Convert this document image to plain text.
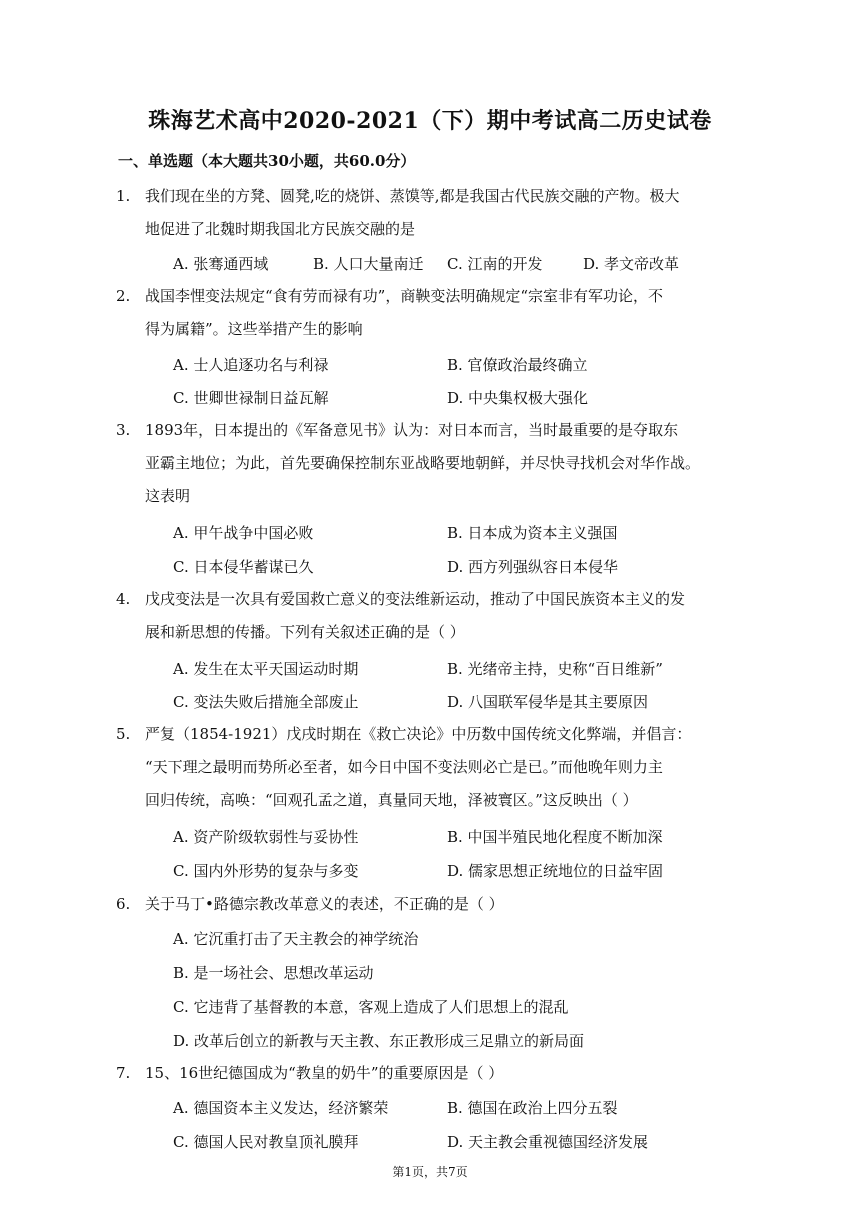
珠海艺术高中2020-2021（下）期中考试高二历史试卷
一、单选题（本大题共30小题，共60.0分）
1. 我们现在坐的方凳、圆凳,吃的烧饼、蒸馍等,都是我国古代民族交融的产物。极大
地促进了北魏时期我国北方民族交融的是
A. 张骞通西域	B. 人口大量南迁 C. 江南的开发	D. 孝文帝改革
2. 战国李悝变法规定“食有劳而禄有功”，商鞅变法明确规定“宗室非有军功论，不
得为属籍”。这些举措产生的影响
A. 士人追逐功名与利禄	B. 官僚政治最终确立
C. 世卿世禄制日益瓦解	D. 中央集权极大强化
3. 1893年，日本提出的《军备意见书》认为：对日本而言，当时最重要的是夺取东
亚霸主地位；为此，首先要确保控制东亚战略要地朝鲜，并尽快寻找机会对华作战。
这表明
A. 甲午战争中国必败	B. 日本成为资本主义强国
C. 日本侵华蓄谋已久	D. 西方列强纵容日本侵华
4. 戊戌变法是一次具有爱国救亡意义的变法维新运动，推动了中国民族资本主义的发
展和新思想的传播。下列有关叙述正确的是（ ）
A. 发生在太平天国运动时期	B. 光绪帝主持，史称“百日维新”
C. 变法失败后措施全部废止	D. 八国联军侵华是其主要原因
5. 严复（1854-1921）戊戌时期在《救亡决论》中历数中国传统文化弊端，并倡言：
“天下理之最明而势所必至者，如今日中国不变法则必亡是已。”而他晚年则力主
回归传统，高唤：“回观孔孟之道，真量同天地，泽被寰区。”这反映出（ ）
A. 资产阶级软弱性与妥协性	B. 中国半殖民地化程度不断加深
C. 国内外形势的复杂与多变	D. 儒家思想正统地位的日益牢固
6. 关于马丁•路德宗教改革意义的表述，不正确的是（ ）
A. 它沉重打击了天主教会的神学统治
B. 是一场社会、思想改革运动
C. 它违背了基督教的本意，客观上造成了人们思想上的混乱
D. 改革后创立的新教与天主教、东正教形成三足鼎立的新局面
7. 15、16世纪德国成为“教皇的奶牛”的重要原因是（ ）
A. 德国资本主义发达，经济繁荣	B. 德国在政治上四分五裂
C. 德国人民对教皇顶礼膜拜	D. 天主教会重视德国经济发展
第1页，共7页
